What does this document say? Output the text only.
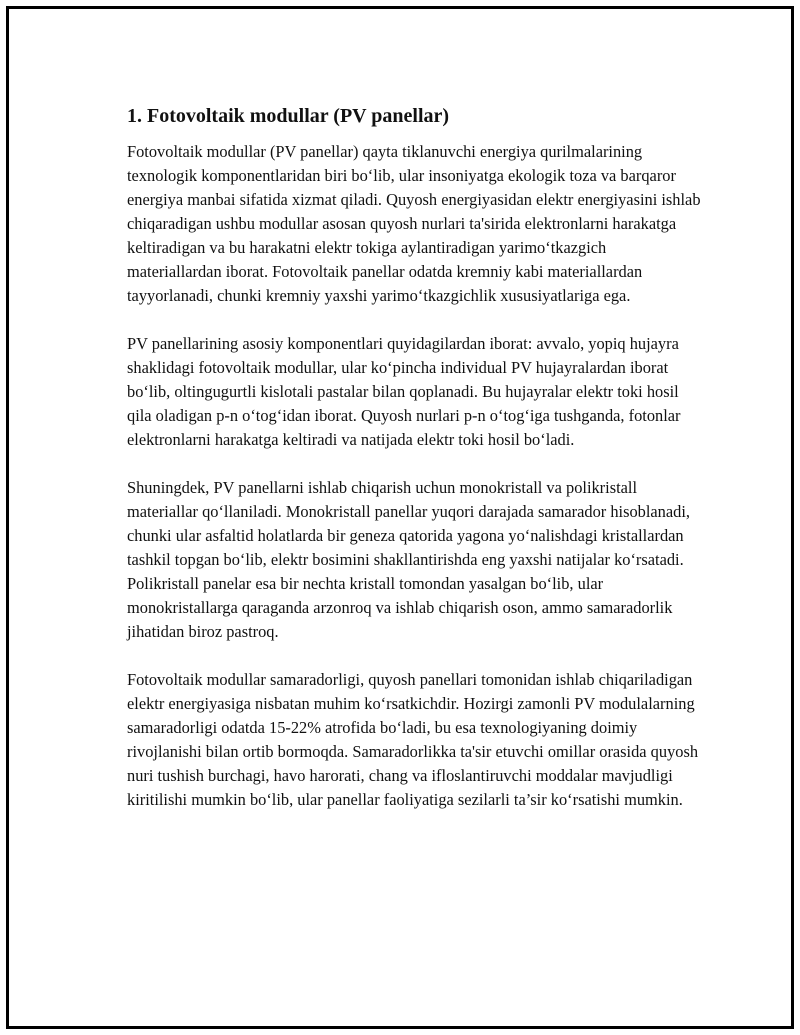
1. Fotovoltaik modullar (PV panellar)

Fotovoltaik modullar (PV panellar) qayta tiklanuvchi energiya qurilmalarining texnologik komponentlaridan biri bo‘lib, ular insoniyatga ekologik toza va barqaror energiya manbai sifatida xizmat qiladi. Quyosh energiyasidan elektr energiyasini ishlab chiqaradigan ushbu modullar asosan quyosh nurlari ta'sirida elektronlarni harakatga keltiradigan va bu harakatni elektr tokiga aylantiradigan yarimo‘tkazgich materiallardan iborat. Fotovoltaik panellar odatda kremniy kabi materiallardan tayyorlanadi, chunki kremniy yaxshi yarimo‘tkazgichlik xususiyatlariga ega.

PV panellarining asosiy komponentlari quyidagilardan iborat: avvalo, yopiq hujayra shaklidagi fotovoltaik modullar, ular ko‘pincha individual PV hujayralardan iborat bo‘lib, oltingugurtli kislotali pastalar bilan qoplanadi. Bu hujayralar elektr toki hosil qila oladigan p-n o‘tog‘idan iborat. Quyosh nurlari p-n o‘tog‘iga tushganda, fotonlar elektronlarni harakatga keltiradi va natijada elektr toki hosil bo‘ladi.

Shuningdek, PV panellarni ishlab chiqarish uchun monokristall va polikristall materiallar qo‘llaniladi. Monokristall panellar yuqori darajada samarador hisoblanadi, chunki ular asfaltid holatlarda bir geneza qatorida yagona yo‘nalishdagi kristallardan tashkil topgan bo‘lib, elektr bosimini shakllantirishda eng yaxshi natijalar ko‘rsatadi. Polikristall panelar esa bir nechta kristall tomondan yasalgan bo‘lib, ular monokristallarga qaraganda arzonroq va ishlab chiqarish oson, ammo samaradorlik jihatidan biroz pastroq.

Fotovoltaik modullar samaradorligi, quyosh panellari tomonidan ishlab chiqariladigan elektr energiyasiga nisbatan muhim ko‘rsatkichdir. Hozirgi zamonli PV modulalarning samaradorligi odatda 15-22% atrofida bo‘ladi, bu esa texnologiyaning doimiy rivojlanishi bilan ortib bormoqda. Samaradorlikka ta'sir etuvchi omillar orasida quyosh nuri tushish burchagi, havo harorati, chang va ifloslantiruvchi moddalar mavjudligi kiritilishi mumkin bo‘lib, ular panellar faoliyatiga sezilarli ta’sir ko‘rsatishi mumkin.
